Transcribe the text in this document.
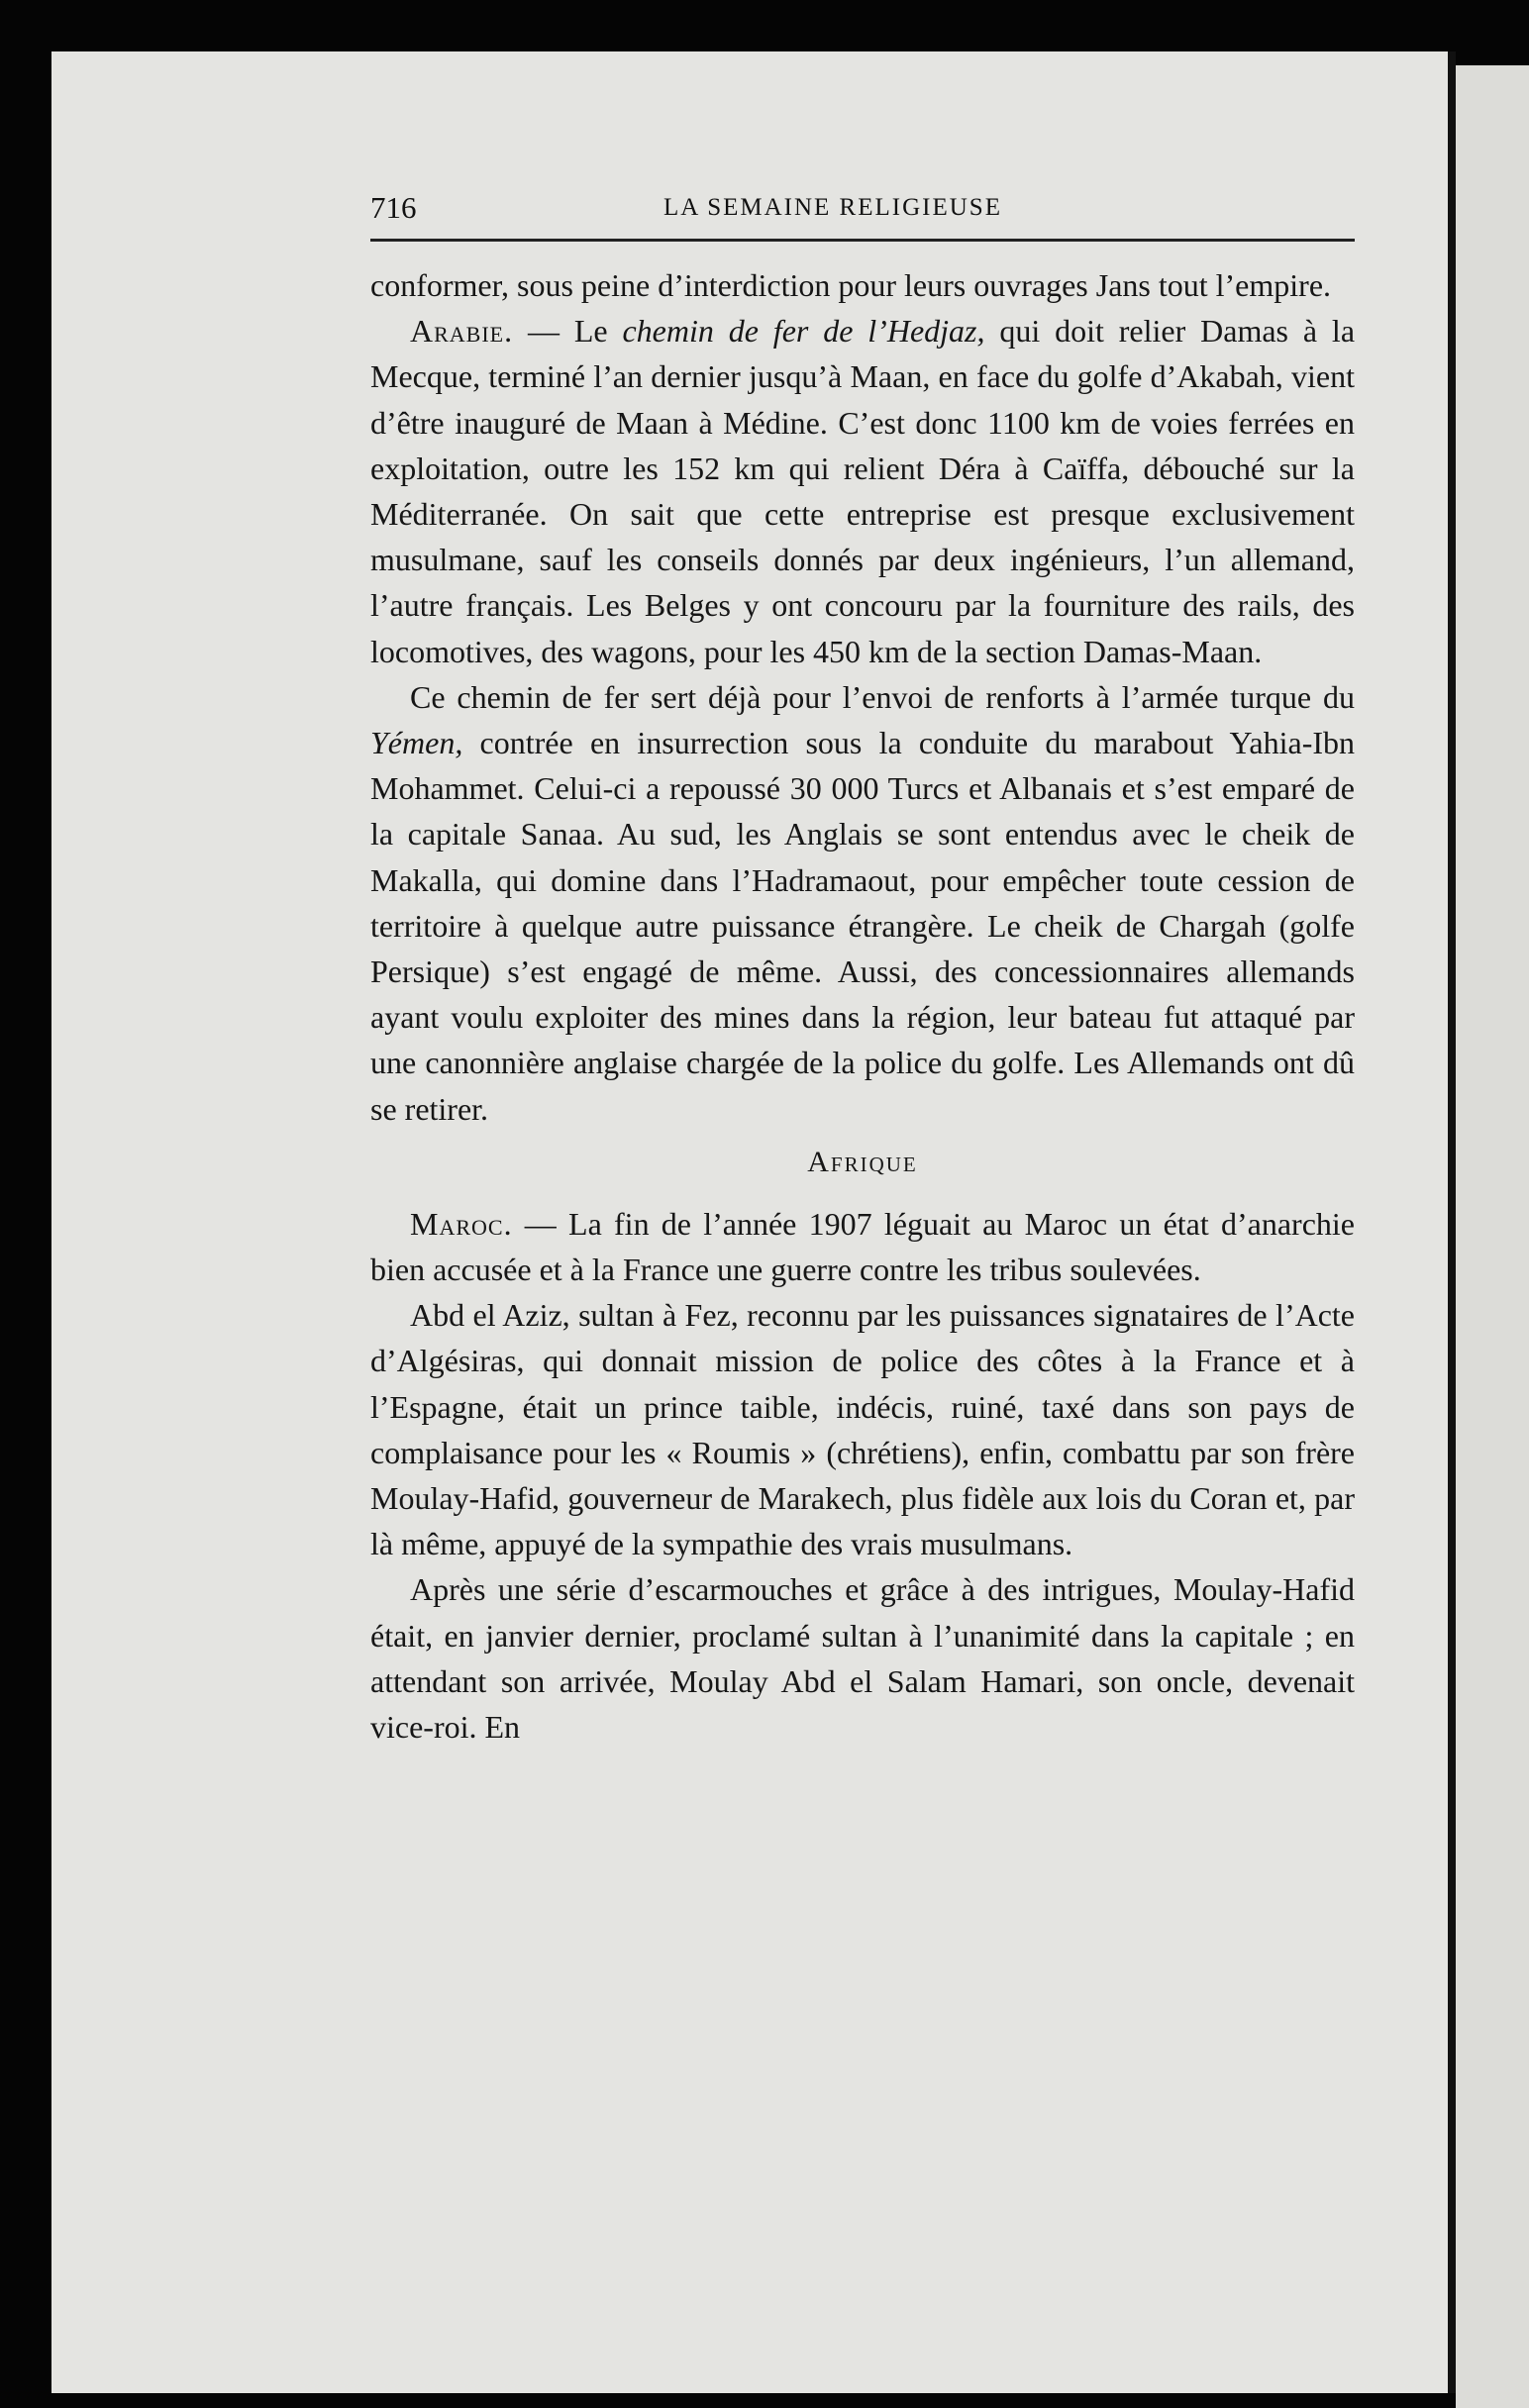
716	LA SEMAINE RELIGIEUSE

conformer, sous peine d’interdiction pour leurs ouvrages Jans tout l’empire.

Arabie. — Le chemin de fer de l’Hedjaz, qui doit relier Damas à la Mecque, terminé l’an dernier jusqu’à Maan, en face du golfe d’Akabah, vient d’être inauguré de Maan à Médine. C’est donc 1100 km de voies ferrées en exploitation, outre les 152 km qui relient Déra à Caïffa, débouché sur la Méditerranée. On sait que cette entreprise est presque exclusivement musulmane, sauf les conseils donnés par deux ingénieurs, l’un allemand, l’autre français. Les Belges y ont concouru par la fourniture des rails, des locomotives, des wagons, pour les 450 km de la section Damas-Maan.

Ce chemin de fer sert déjà pour l’envoi de renforts à l’armée turque du Yémen, contrée en insurrection sous la conduite du marabout Yahia-Ibn Mohammet. Celui-ci a repoussé 30 000 Turcs et Albanais et s’est emparé de la capitale Sanaa. Au sud, les Anglais se sont entendus avec le cheik de Makalla, qui domine dans l’Hadramaout, pour empêcher toute cession de territoire à quelque autre puissance étrangère. Le cheik de Chargah (golfe Persique) s’est engagé de même. Aussi, des concessionnaires allemands ayant voulu exploiter des mines dans la région, leur bateau fut attaqué par une canonnière anglaise chargée de la police du golfe. Les Allemands ont dû se retirer.

Afrique

Maroc. — La fin de l’année 1907 léguait au Maroc un état d’anarchie bien accusée et à la France une guerre contre les tribus soulevées.

Abd el Aziz, sultan à Fez, reconnu par les puissances signataires de l’Acte d’Algésiras, qui donnait mission de police des côtes à la France et à l’Espagne, était un prince taible, indécis, ruiné, taxé dans son pays de complaisance pour les « Roumis » (chrétiens), enfin, combattu par son frère Moulay-Hafid, gouverneur de Marakech, plus fidèle aux lois du Coran et, par là même, appuyé de la sympathie des vrais musulmans.

Après une série d’escarmouches et grâce à des intrigues, Moulay-Hafid était, en janvier dernier, proclamé sultan à l’unanimité dans la capitale ; en attendant son arrivée, Moulay Abd el Salam Hamari, son oncle, devenait vice-roi. En
